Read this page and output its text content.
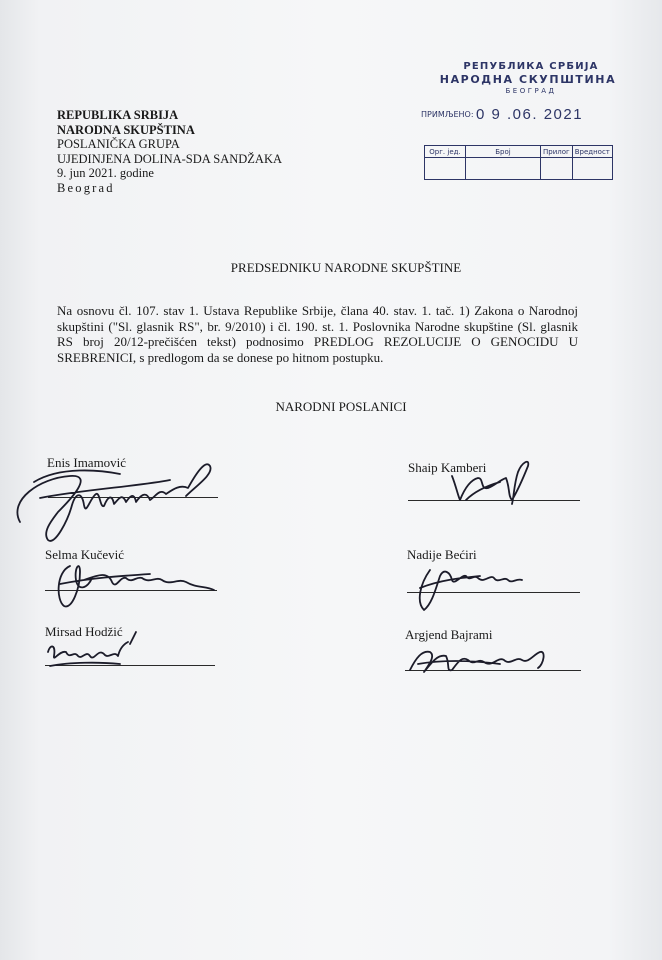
РЕПУБЛИКА СРБИЈА
НАРОДНА СКУПШТИНА
БЕОГРАД
ПРИМЉЕНО: 0 9 .06. 2021
Орг. јед.	Број	Прилог	Вредност

REPUBLIKA SRBIJA
NARODNA SKUPŠTINA
POSLANIČKA GRUPA
UJEDINJENA DOLINA-SDA SANDŽAKA
9. jun 2021. godine
Beograd
PREDSEDNIKU NARODNE SKUPŠTINE
Na osnovu čl. 107. stav 1. Ustava Republike Srbije, člana 40. stav. 1. tač. 1) Zakona o Narodnoj skupštini ("Sl. glasnik RS", br. 9/2010) i čl. 190. st. 1. Poslovnika Narodne skupštine (Sl. glasnik RS broj 20/12-prečišćen tekst) podnosimo PREDLOG REZOLUCIJE O GENOCIDU U SREBRENICI, s predlogom da se donese po hitnom postupku.
NARODNI POSLANICI
Enis Imamović
Selma Kučević
Mirsad Hodžić
Shaip Kamberi
Nadije Bećiri
Argjend Bajrami
